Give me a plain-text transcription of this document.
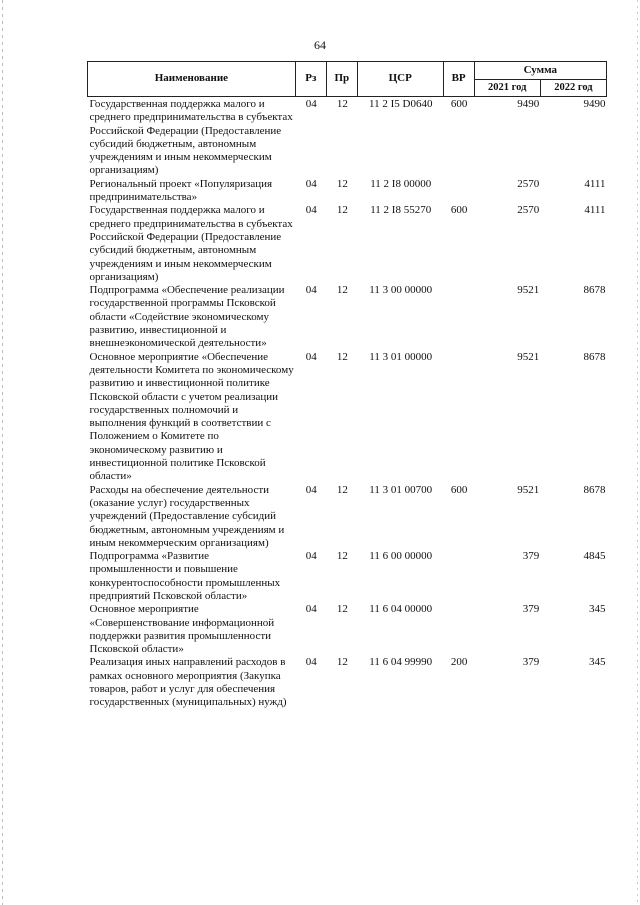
64
Наименование	Рз	Пр	ЦСР	ВР	Сумма	
					2021 год	2022 год
Государственная поддержка малого и среднего предпринимательства в субъектах Российской Федерации (Предоставление субсидий бюджетным, автономным учреждениям и иным некоммерческим организациям)	04	12	11 2 I5 D0640	600	9490	9490
Региональный проект «Популяризация предпринимательства»	04	12	11 2 I8 00000		2570	4111
Государственная поддержка малого и среднего предпринимательства в субъектах Российской Федерации (Предоставление субсидий бюджетным, автономным учреждениям и иным некоммерческим организациям)	04	12	11 2 I8 55270	600	2570	4111
Подпрограмма «Обеспечение реализации государственной программы Псковской области «Содействие экономическому развитию, инвестиционной и внешнеэкономической деятельности»	04	12	11 3 00 00000		9521	8678
Основное мероприятие «Обеспечение деятельности Комитета по экономическому развитию и инвестиционной политике Псковской области с учетом реализации государственных полномочий и выполнения функций в соответствии с Положением о Комитете по экономическому развитию и инвестиционной политике Псковской области»	04	12	11 3 01 00000		9521	8678
Расходы на обеспечение деятельности (оказание услуг) государственных учреждений (Предоставление субсидий бюджетным, автономным учреждениям и иным некоммерческим организациям)	04	12	11 3 01 00700	600	9521	8678
Подпрограмма «Развитие промышленности и повышение конкурентоспособности промышленных предприятий Псковской области»	04	12	11 6 00 00000		379	4845
Основное мероприятие «Совершенствование информационной поддержки развития промышленности Псковской области»	04	12	11 6 04 00000		379	345
Реализация иных направлений расходов в рамках основного мероприятия (Закупка товаров, работ и услуг для обеспечения государственных (муниципальных) нужд)	04	12	11 6 04 99990	200	379	345
